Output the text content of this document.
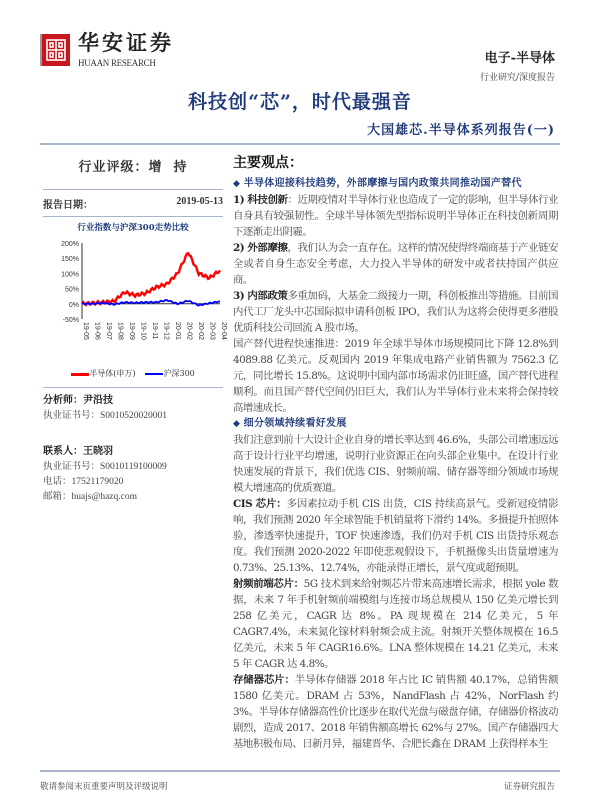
华安证券
HUAAN RESEARCH	电子-半导体
行业研究/深度报告
科技创“芯”，时代最强音
大国雄芯.半导体系列报告(一)
行业评级：增  持
报告日期：	2019-05-13
行业指数与沪深300走势比较
200%
150%
100%
50%
0%
-50%
19-05 19-06 19-07 19-08 19-09 19-10 19-11 19-12 20-01 20-02 20-02 20-03 20-04
半导体(申万)	沪深300
分析师：尹沿技
执业证书号：S0010520020001
联系人：王晓羽
执业证书号：S0010119100009
电话：17521179020
邮箱：huajs@hazq.com
主要观点：
◆ 半导体迎接科技趋势，外部摩擦与国内政策共同推动国产替代
1) 科技创新：近期疫情对半导体行业也造成了一定的影响，但半导体行业自身具有较强韧性。全球半导体领先型指标说明半导体正在科技创新周期下逐渐走出阴霾。
2) 外部摩擦，我们认为会一直存在。这样的情况使得终端商基于产业链安全或者自身生态安全考虑，大力投入半导体的研发中或者扶持国产供应商。
3) 内部政策多重加码，大基金二级接力一期，科创板推出等措施。目前国内代工厂龙头中芯国际拟申请科创板 IPO，我们认为这将会使得更多港股优质科技公司回流 A 股市场。
国产替代进程快速推进：2019 年全球半导体市场规模同比下降 12.8%到 4089.88 亿美元。反观国内 2019 年集成电路产业销售额为 7562.3 亿元，同比增长 15.8%。这说明中国内部市场需求仍旧旺盛，国产替代进程顺利。而且国产替代空间仍旧巨大，我们认为半导体行业未来将会保持较高增速成长。
◆ 细分领域持续看好发展
我们注意到前十大设计企业自身的增长率达到 46.6%，头部公司增速远远高于设计行业平均增速，说明行业资源正在向头部企业集中。在设计行业快速发展的背景下，我们优选 CIS、射频前端、储存器等细分领域市场规模大增速高的优质赛道。
CIS 芯片：多因素拉动手机 CIS 出货，CIS 持续高景气。受新冠疫情影响，我们预测 2020 年全球智能手机销量将下滑约 14%。多摄提升拍照体验，渗透率快速提升，TOF 快速渗透，我们仍对手机 CIS 出货持乐观态度。我们预测 2020-2022 年即使悲观假设下，手机摄像头出货量增速为 0.73%、25.13%、12.74%，亦能录得正增长，景气度或超预期。
射频前端芯片：5G 技术到来给射频芯片带来高速增长需求，根据 yole 数据，未来 7 年手机射频前端模组与连接市场总规模从 150 亿美元增长到 258 亿美元，CAGR 达 8%。PA 现规模在 214 亿美元，5 年 CAGR7.4%，未来氮化镓材料射频会成主流。射频开关整体规模在 16.5 亿美元，未来 5 年 CAGR16.6%。LNA 整体规模在 14.21 亿美元，未来 5 年 CAGR 达 4.8%。
存储器芯片：半导体存储器 2018 年占比 IC 销售额 40.17%，总销售额 1580 亿美元。DRAM 占 53%，NandFlash 占 42%，NorFlash 约 3%。半导体存储器高性价比逐步在取代光盘与磁盘存储，存储器价格波动剧烈，造成 2017、2018 年销售额高增长 62%与 27%。国产存储器四大基地积极布局、日新月异，福建晋华、合肥长鑫在 DRAM 上获得样本生
敬请参阅末页重要声明及评级说明	证券研究报告
